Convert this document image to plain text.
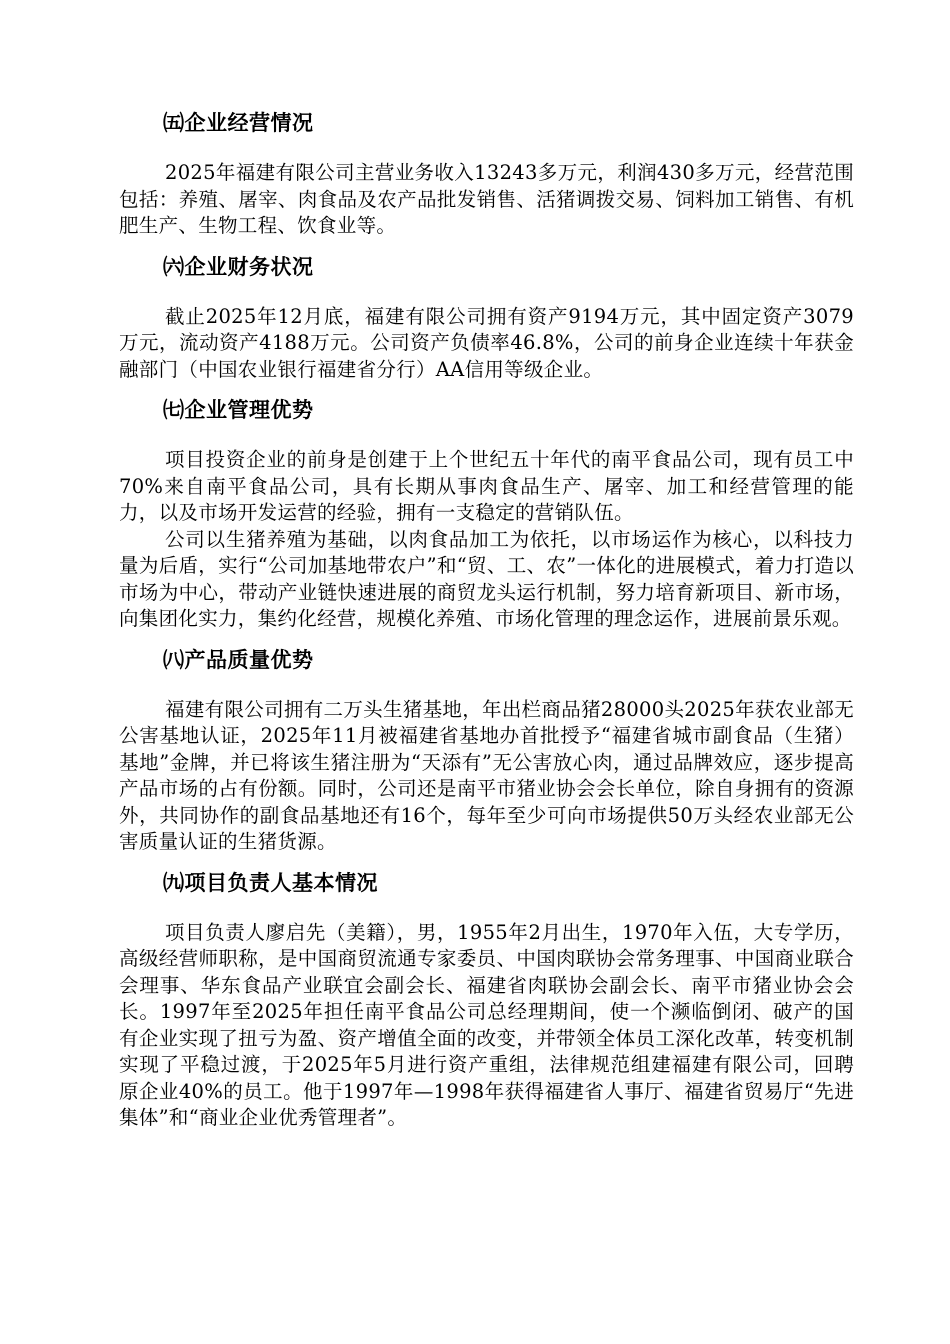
㈤企业经营情况

2025年福建有限公司主营业务收入13243多万元，利润430多万元，经营范围包括：养殖、屠宰、肉食品及农产品批发销售、活猪调拨交易、饲料加工销售、有机肥生产、生物工程、饮食业等。

㈥企业财务状况

截止2025年12月底，福建有限公司拥有资产9194万元，其中固定资产3079万元，流动资产4188万元。公司资产负债率46.8%，公司的前身企业连续十年获金融部门（中国农业银行福建省分行）AA信用等级企业。

㈦企业管理优势

项目投资企业的前身是创建于上个世纪五十年代的南平食品公司，现有员工中70%来自南平食品公司，具有长期从事肉食品生产、屠宰、加工和经营管理的能力，以及市场开发运营的经验，拥有一支稳定的营销队伍。

公司以生猪养殖为基础，以肉食品加工为依托，以市场运作为核心，以科技力量为后盾，实行“公司加基地带农户”和“贸、工、农”一体化的进展模式，着力打造以市场为中心，带动产业链快速进展的商贸龙头运行机制，努力培育新项目、新市场，向集团化实力，集约化经营，规模化养殖、市场化管理的理念运作，进展前景乐观。

㈧产品质量优势

福建有限公司拥有二万头生猪基地，年出栏商品猪28000头2025年获农业部无公害基地认证，2025年11月被福建省基地办首批授予“福建省城市副食品（生猪）基地”金牌，并已将该生猪注册为“天添有”无公害放心肉，通过品牌效应，逐步提高产品市场的占有份额。同时，公司还是南平市猪业协会会长单位，除自身拥有的资源外，共同协作的副食品基地还有16个，每年至少可向市场提供50万头经农业部无公害质量认证的生猪货源。

㈨项目负责人基本情况

项目负责人廖启先（美籍），男，1955年2月出生，1970年入伍，大专学历，高级经营师职称，是中国商贸流通专家委员、中国肉联协会常务理事、中国商业联合会理事、华东食品产业联宜会副会长、福建省肉联协会副会长、南平市猪业协会会长。1997年至2025年担任南平食品公司总经理期间，使一个濒临倒闭、破产的国有企业实现了扭亏为盈、资产增值全面的改变，并带领全体员工深化改革，转变机制实现了平稳过渡，于2025年5月进行资产重组，法律规范组建福建有限公司，回聘原企业40%的员工。他于1997年—1998年获得福建省人事厅、福建省贸易厅“先进集体”和“商业企业优秀管理者”。
